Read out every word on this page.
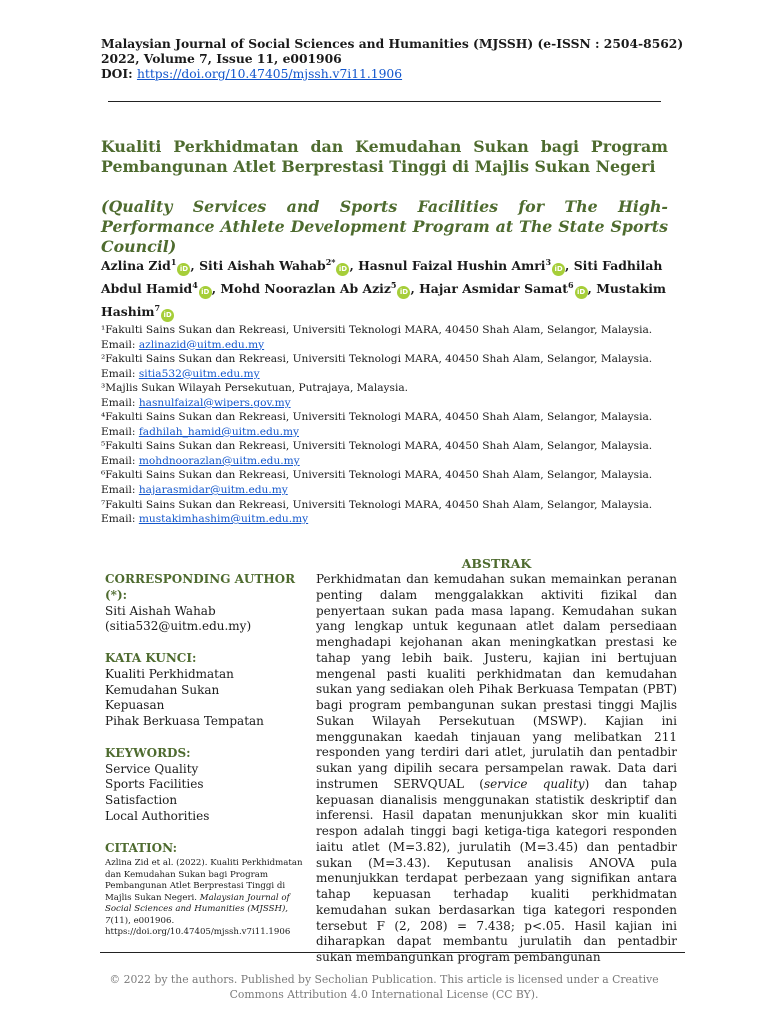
Malaysian Journal of Social Sciences and Humanities (MJSSH) (e-ISSN : 2504-8562)
2022, Volume 7, Issue 11, e001906
DOI: https://doi.org/10.47405/mjssh.v7i11.1906
Kualiti Perkhidmatan dan Kemudahan Sukan bagi Program Pembangunan Atlet Berprestasi Tinggi di Majlis Sukan Negeri
(Quality Services and Sports Facilities for The High-Performance Athlete Development Program at The State Sports Council)
Azlina Zid$^1$iD , Siti Aishah Wahab$^{2*}$iD , Hasnul Faizal Hushin Amri$^3$iD , Siti Fadhilah Abdul Hamid$^4$iD , Mohd Noorazlan Ab Aziz$^5$iD , Hajar Asmidar Samat$^6$iD , Mustakim Hashim$^7$iD

¹Fakulti Sains Sukan dan Rekreasi, Universiti Teknologi MARA, 40450 Shah Alam, Selangor, Malaysia.

Email: azlinazid@uitm.edu.my

²Fakulti Sains Sukan dan Rekreasi, Universiti Teknologi MARA, 40450 Shah Alam, Selangor, Malaysia.

Email: sitia532@uitm.edu.my

³Majlis Sukan Wilayah Persekutuan, Putrajaya, Malaysia.

Email: hasnulfaizal@wipers.gov.my

⁴Fakulti Sains Sukan dan Rekreasi, Universiti Teknologi MARA, 40450 Shah Alam, Selangor, Malaysia.

Email: fadhilah_hamid@uitm.edu.my

⁵Fakulti Sains Sukan dan Rekreasi, Universiti Teknologi MARA, 40450 Shah Alam, Selangor, Malaysia.

Email: mohdnoorazlan@uitm.edu.my

⁶Fakulti Sains Sukan dan Rekreasi, Universiti Teknologi MARA, 40450 Shah Alam, Selangor, Malaysia.

Email: hajarasmidar@uitm.edu.my

⁷Fakulti Sains Sukan dan Rekreasi, Universiti Teknologi MARA, 40450 Shah Alam, Selangor, Malaysia.

Email: mustakimhashim@uitm.edu.my

CORRESPONDING AUTHOR (*):
Siti Aishah Wahab
(sitia532@uitm.edu.my)
KATA KUNCI:
Kualiti Perkhidmatan
Kemudahan Sukan
Kepuasan
Pihak Berkuasa Tempatan
KEYWORDS:
Service Quality
Sports Facilities
Satisfaction
Local Authorities
CITATION:
Azlina Zid et al. (2022). Kualiti Perkhidmatan dan Kemudahan Sukan bagi Program Pembangunan Atlet Berprestasi Tinggi di Majlis Sukan Negeri. Malaysian Journal of Social Sciences and Humanities (MJSSH), 7(11), e001906. https://doi.org/10.47405/mjssh.v7i11.1906
ABSTRAK

Perkhidmatan dan kemudahan sukan memainkan peranan penting dalam menggalakkan aktiviti fizikal dan penyertaan sukan pada masa lapang. Kemudahan sukan yang lengkap untuk kegunaan atlet dalam persediaan menghadapi kejohanan akan meningkatkan prestasi ke tahap yang lebih baik. Justeru, kajian ini bertujuan mengenal pasti kualiti perkhidmatan dan kemudahan sukan yang sediakan oleh Pihak Berkuasa Tempatan (PBT) bagi program pembangunan sukan prestasi tinggi Majlis Sukan Wilayah Persekutuan (MSWP). Kajian ini menggunakan kaedah tinjauan yang melibatkan 211 responden yang terdiri dari atlet, jurulatih dan pentadbir sukan yang dipilih secara persampelan rawak. Data dari instrumen SERVQUAL (service quality) dan tahap kepuasan dianalisis menggunakan statistik deskriptif dan inferensi. Hasil dapatan menunjukkan skor min kualiti respon adalah tinggi bagi ketiga-tiga kategori responden iaitu atlet (M=3.82), jurulatih (M=3.45) dan pentadbir sukan (M=3.43). Keputusan analisis ANOVA pula menunjukkan terdapat perbezaan yang signifikan antara tahap kepuasan terhadap kualiti perkhidmatan kemudahan sukan berdasarkan tiga kategori responden tersebut F (2, 208) = 7.438; p<.05. Hasil kajian ini diharapkan dapat membantu jurulatih dan pentadbir sukan membangunkan program pembangunan

© 2022 by the authors. Published by Secholian Publication. This article is licensed under a Creative Commons Attribution 4.0 International License (CC BY).
